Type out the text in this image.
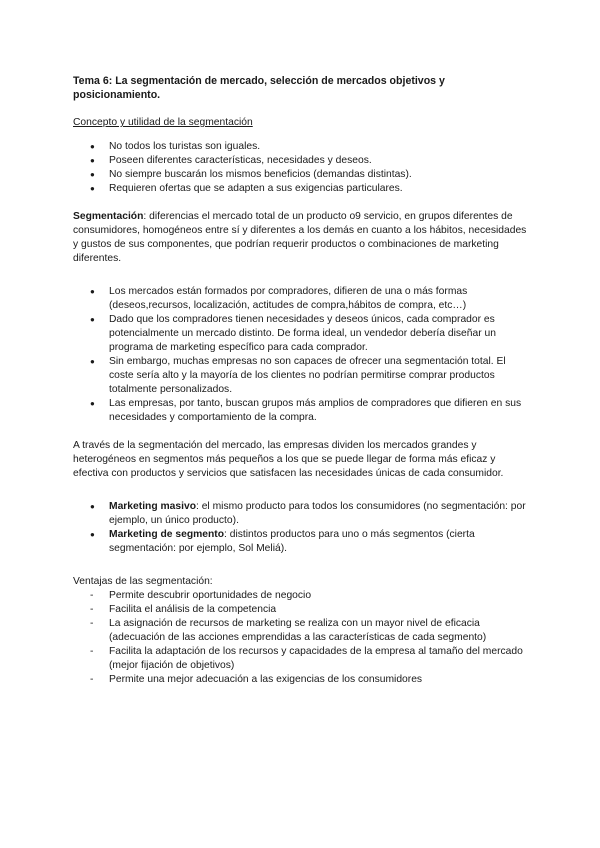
Tema 6: La segmentación de mercado, selección de mercados objetivos y posicionamiento.

Concepto y utilidad de la segmentación

● No todos los turistas son iguales.
● Poseen diferentes características, necesidades y deseos.
● No siempre buscarán los mismos beneficios (demandas distintas).
● Requieren ofertas que se adapten a sus exigencias particulares.

Segmentación: diferencias el mercado total de un producto o9 servicio, en grupos diferentes de consumidores, homogéneos entre sí y diferentes a los demás en cuanto a los hábitos, necesidades y gustos de sus componentes, que podrían requerir productos o combinaciones de marketing diferentes.

● Los mercados están formados por compradores, difieren de una o más formas (deseos,recursos, localización, actitudes de compra,hábitos de compra, etc…)
● Dado que los compradores tienen necesidades y deseos únicos, cada comprador es potencialmente un mercado distinto. De forma ideal, un vendedor debería diseñar un programa de marketing específico para cada comprador.
● Sin embargo, muchas empresas no son capaces de ofrecer una segmentación total. El coste sería alto y la mayoría de los clientes no podrían permitirse comprar productos totalmente personalizados.
● Las empresas, por tanto, buscan grupos más amplios de compradores que difieren en sus necesidades y comportamiento de la compra.

A través de la segmentación del mercado, las empresas dividen los mercados grandes y heterogéneos en segmentos más pequeños a los que se puede llegar de forma más eficaz y efectiva con productos y servicios que satisfacen las necesidades únicas de cada consumidor.

● Marketing masivo: el mismo producto para todos los consumidores (no segmentación: por ejemplo, un único producto).
● Marketing de segmento: distintos productos para uno o más segmentos (cierta segmentación: por ejemplo, Sol Meliá).

Ventajas de las segmentación:

- Permite descubrir oportunidades de negocio
- Facilita el análisis de la competencia
- La asignación de recursos de marketing se realiza con un mayor nivel de eficacia (adecuación de las acciones emprendidas a las características de cada segmento)
- Facilita la adaptación de los recursos y capacidades de la empresa al tamaño del mercado (mejor fijación de objetivos)
- Permite una mejor adecuación a las exigencias de los consumidores
